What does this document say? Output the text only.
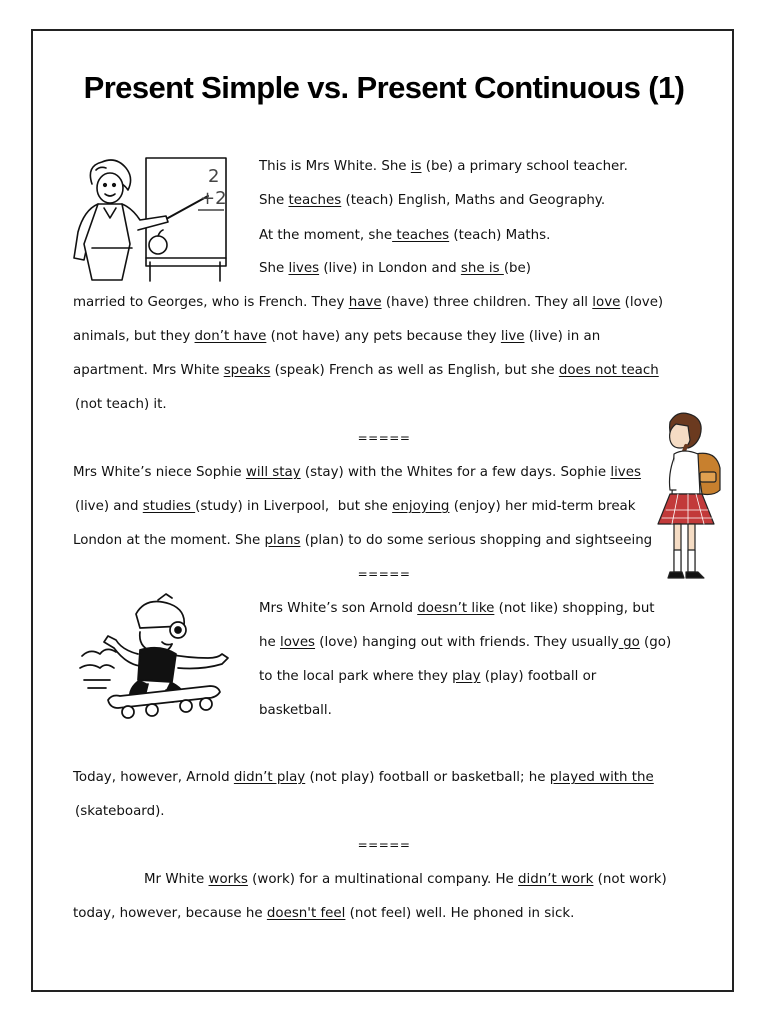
Present Simple vs. Present Continuous (1)
This is Mrs White. She is (be) a primary school teacher.
She teaches (teach) English, Maths and Geography.
At the moment, she teaches (teach) Maths.
She lives (live) in London and she is (be)
married to Georges, who is French. They have (have) three children. They all love (love)
animals, but they don’t have (not have) any pets because they live (live) in an
apartment. Mrs White speaks (speak) French as well as English, but she does not teach
(not teach) it.
=====
Mrs White’s niece Sophie will stay (stay) with the Whites for a few days. Sophie lives
(live) and studies (study) in Liverpool,  but she enjoying (enjoy) her mid-term break
London at the moment. She plans (plan) to do some serious shopping and sightseeing
=====
Mrs White’s son Arnold doesn’t like (not like) shopping, but
he loves (love) hanging out with friends. They usually go (go)
to the local park where they play (play) football or
basketball.
Today, however, Arnold didn’t play (not play) football or basketball; he played with the
(skateboard).
=====
Mr White works (work) for a multinational company. He didn’t work (not work)
today, however, because he doesn't feel (not feel) well. He phoned in sick.
2
+2
